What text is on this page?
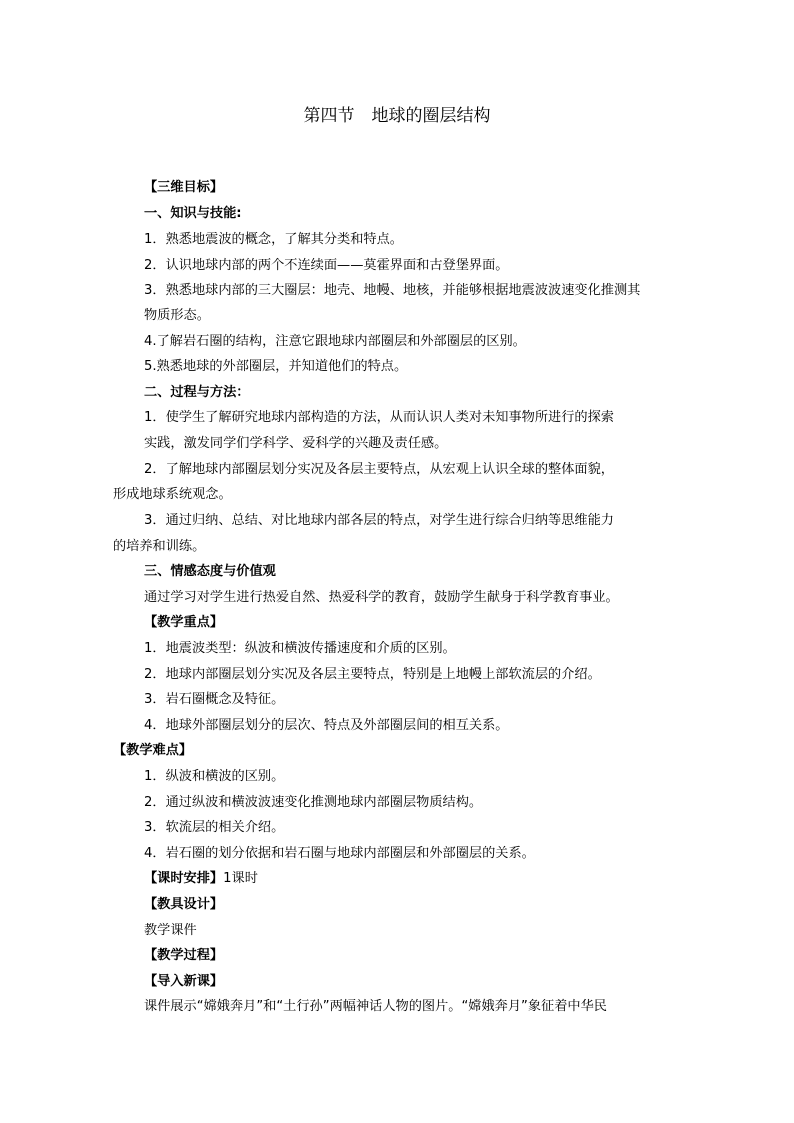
第四节　地球的圈层结构
【三维目标】
一、知识与技能:
1．熟悉地震波的概念，了解其分类和特点。
2．认识地球内部的两个不连续面——莫霍界面和古登堡界面。
3．熟悉地球内部的三大圈层：地壳、地幔、地核，并能够根据地震波波速变化推测其
物质形态。
4.了解岩石圈的结构，注意它跟地球内部圈层和外部圈层的区别。
5.熟悉地球的外部圈层，并知道他们的特点。
二、过程与方法：
1．使学生了解研究地球内部构造的方法，从而认识人类对未知事物所进行的探索
实践，激发同学们学科学、爱科学的兴趣及责任感。
2．了解地球内部圈层划分实况及各层主要特点，从宏观上认识全球的整体面貌，
形成地球系统观念。
3．通过归纳、总结、对比地球内部各层的特点，对学生进行综合归纳等思维能力
的培养和训练。
三、情感态度与价值观
通过学习对学生进行热爱自然、热爱科学的教育，鼓励学生献身于科学教育事业。
【教学重点】
1．地震波类型：纵波和横波传播速度和介质的区别。
2．地球内部圈层划分实况及各层主要特点，特别是上地幔上部软流层的介绍。
3．岩石圈概念及特征。
4．地球外部圈层划分的层次、特点及外部圈层间的相互关系。
【教学难点】
1．纵波和横波的区别。
2．通过纵波和横波波速变化推测地球内部圈层物质结构。
3．软流层的相关介绍。
4．岩石圈的划分依据和岩石圈与地球内部圈层和外部圈层的关系。
【课时安排】1课时
【教具设计】
教学课件
【教学过程】
【导入新课】
课件展示“嫦娥奔月”和“土行孙”两幅神话人物的图片。“嫦娥奔月”象征着中华民
